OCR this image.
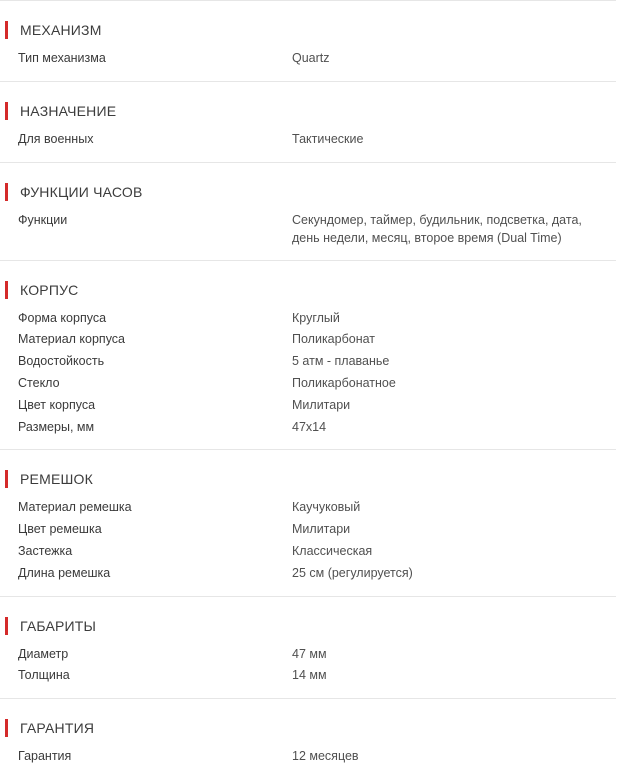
МЕХАНИЗМ
Тип механизма	Quartz
НАЗНАЧЕНИЕ
Для военных	Тактические
ФУНКЦИИ ЧАСОВ
Функции	Секундомер, таймер, будильник, подсветка, дата, день недели, месяц, второе время (Dual Time)
КОРПУС
Форма корпуса	Круглый
Материал корпуса	Поликарбонат
Водостойкость	5 атм - плаванье
Стекло	Поликарбонатное
Цвет корпуса	Милитари
Размеры, мм	47x14
РЕМЕШОК
Материал ремешка	Каучуковый
Цвет ремешка	Милитари
Застежка	Классическая
Длина ремешка	25 см (регулируется)
ГАБАРИТЫ
Диаметр	47 мм
Толщина	14 мм
ГАРАНТИЯ
Гарантия	12 месяцев
